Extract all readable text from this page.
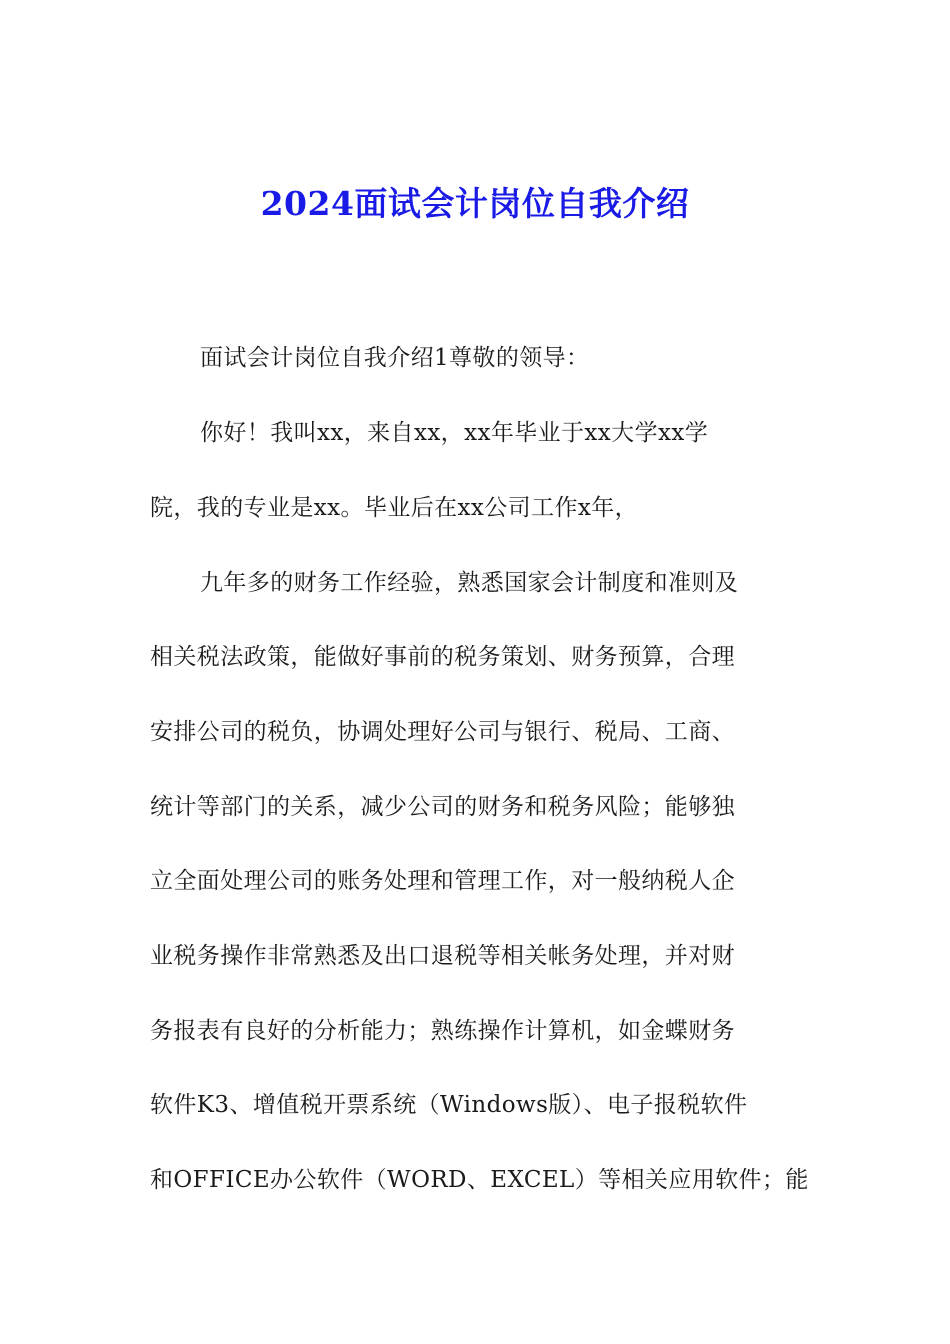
2024面试会计岗位自我介绍
面试会计岗位自我介绍1尊敬的领导：
你好！我叫xx，来自xx，xx年毕业于xx大学xx学
院，我的专业是xx。毕业后在xx公司工作x年，
九年多的财务工作经验，熟悉国家会计制度和准则及
相关税法政策，能做好事前的税务策划、财务预算，合理
安排公司的税负，协调处理好公司与银行、税局、工商、
统计等部门的关系，减少公司的财务和税务风险；能够独
立全面处理公司的账务处理和管理工作，对一般纳税人企
业税务操作非常熟悉及出口退税等相关帐务处理，并对财
务报表有良好的分析能力；熟练操作计算机，如金蝶财务
软件K3、增值税开票系统（Windows版）、电子报税软件
和OFFICE办公软件（WORD、EXCEL）等相关应用软件；能
